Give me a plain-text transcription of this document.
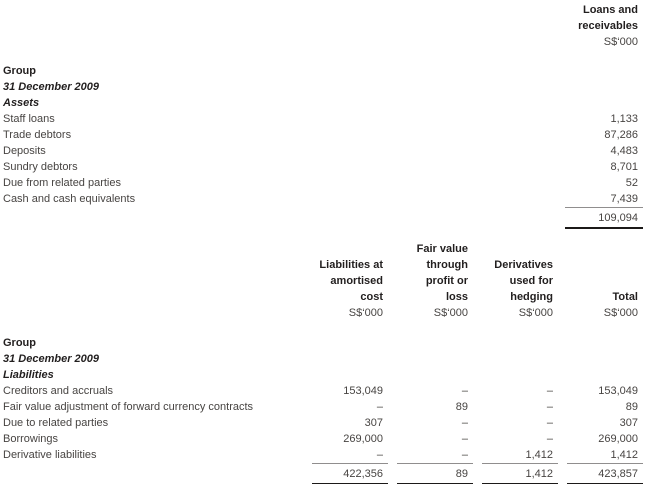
Loans and
receivables
S$‘000
Group
31 December 2009
Assets
Staff loans	1,133
Trade debtors	87,286
Deposits	4,483
Sundry debtors	8,701
Due from related parties	52
Cash and cash equivalents	7,439
109,094
Liabilities at
amortised
cost
S$‘000
Fair value
through
profit or
loss
S$‘000
Derivatives
used for
hedging
S$‘000
Total
S$‘000
Group
31 December 2009
Liabilities
Creditors and accruals	153,049	–	–	153,049
Fair value adjustment of forward currency contracts	–	89	–	89
Due to related parties	307	–	–	307
Borrowings	269,000	–	–	269,000
Derivative liabilities	–	–	1,412	1,412
422,356	89	1,412	423,857
